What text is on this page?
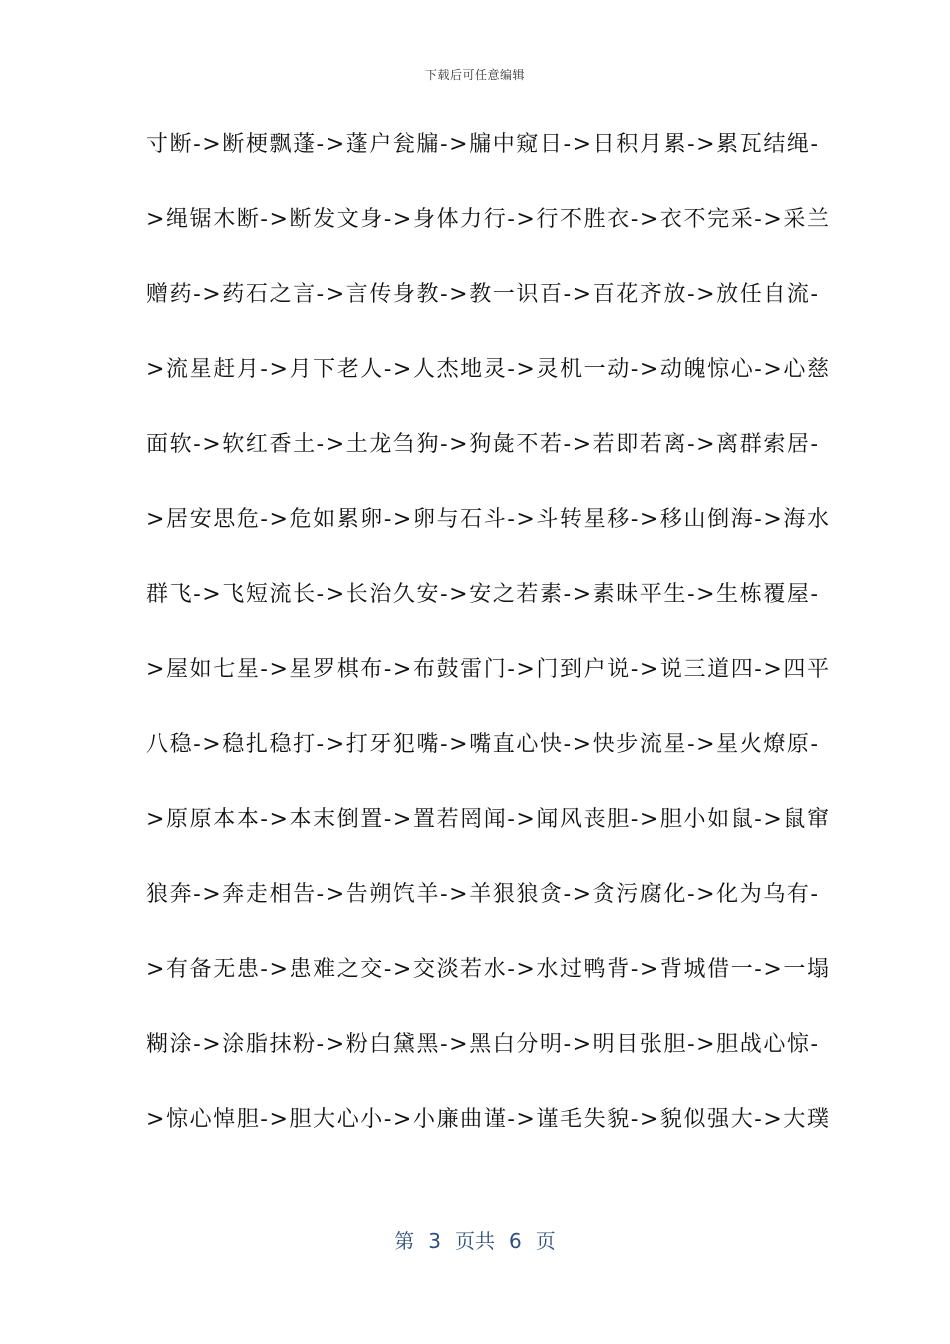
下载后可任意编辑
寸断->断梗飘蓬->蓬户瓮牖->牖中窥日->日积月累->累瓦结绳-
>绳锯木断->断发文身->身体力行->行不胜衣->衣不完采->采兰
赠药->药石之言->言传身教->教一识百->百花齐放->放任自流-
>流星赶月->月下老人->人杰地灵->灵机一动->动魄惊心->心慈
面软->软红香土->土龙刍狗->狗彘不若->若即若离->离群索居-
>居安思危->危如累卵->卵与石斗->斗转星移->移山倒海->海水
群飞->飞短流长->长治久安->安之若素->素昧平生->生栋覆屋-
>屋如七星->星罗棋布->布鼓雷门->门到户说->说三道四->四平
八稳->稳扎稳打->打牙犯嘴->嘴直心快->快步流星->星火燎原-
>原原本本->本末倒置->置若罔闻->闻风丧胆->胆小如鼠->鼠窜
狼奔->奔走相告->告朔饩羊->羊狠狼贪->贪污腐化->化为乌有-
>有备无患->患难之交->交淡若水->水过鸭背->背城借一->一塌
糊涂->涂脂抹粉->粉白黛黑->黑白分明->明目张胆->胆战心惊-
>惊心悼胆->胆大心小->小廉曲谨->谨毛失貌->貌似强大->大璞
第 3 页共 6 页
